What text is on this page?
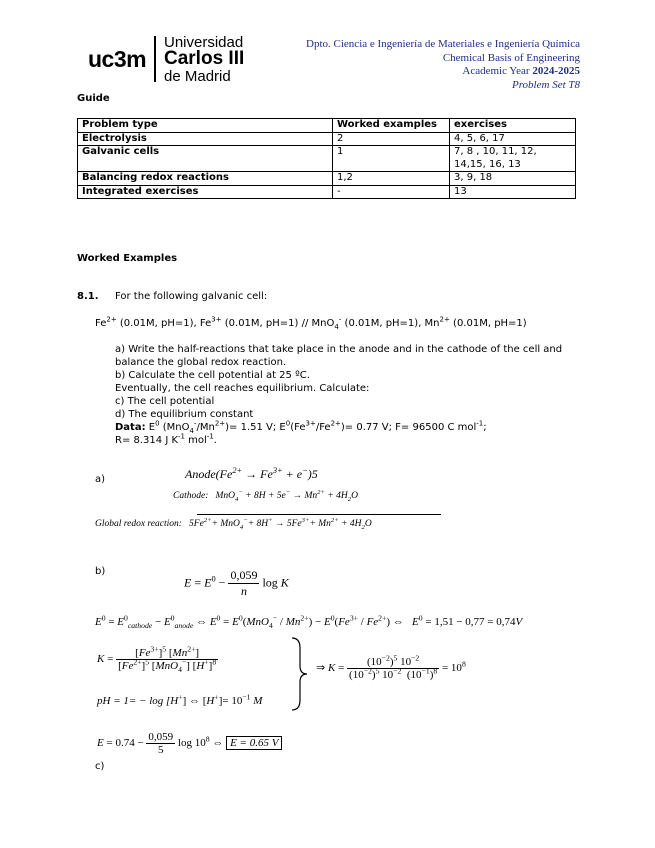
uc3m
Universidad
Carlos III
de Madrid
Dpto. Ciencia e Ingeniería de Materiales e Ingeniería Química
Chemical Basis of Engineering
Academic Year 2024-2025
Problem Set T8
Guide
Problem type	Worked examples	exercises
Electrolysis	2	4, 5, 6, 17
Galvanic cells	1	7, 8 , 10, 11, 12, 14,15, 16, 13
Balancing redox reactions	1,2	3, 9, 18
Integrated exercises	-	13
Worked Examples
8.1. For the following galvanic cell:
$Fe^{2+}$ (0.01M, pH=1), $Fe^{3+}$ (0.01M, pH=1) // MnO$_4$- (0.01M, pH=1), $Mn^{2+}$ (0.01M, pH=1)
a) Write the half-reactions that take place in the anode and in the cathode of the cell and balance the global redox reaction.
b) Calculate the cell potential at 25 ºC.
Eventually, the cell reaches equilibrium. Calculate:
c) The cell potential
d) The equilibrium constant
Data: $E^0$ $(MnO_4^-/Mn^{2+})= 1.51$ V; $E^0(Fe^{3+}/Fe^{2+})= 0.77$ V; F= 96500 C mol$^{-1}$;
R= 8.314 J $K^{-1}$ mol$^{-1}$.
a)	$Anode(Fe^{2+} \to Fe^{3+} + e^-)5$
Cathode: $MnO_4^- + 8H + 5e^- \to Mn^{2+} + 4H_2O$
Global redox reaction:   $5Fe^{2+}+ MnO_4^-+ 8H^+ \to 5Fe^{3+}+ Mn^{2+} + 4H_2O$
b)
$E = E^0 - \frac{0,059}{n}$ log K
$E^0 = E^0_{cathode} - E^0_{anode}$ ⇔ $E^0 = E^0(MnO_4^- / Mn^{2+}) - E^0(Fe^{3+} / Fe^{2+})$ ⇔   $E^0 = 1,51 - 0,77 = 0,74V$
$K = \frac{[Fe^{3+}]^5 [Mn^{2+}]}{[Fe^{2+}]^5 [MnO_4^-] [H^+]^8}$
pH = 1= − log [H+] ⇔ $[H^+]= 10^{-1}$ M
⇒ $K = \frac{(10^{-2})^5 10^{-2}}{(10^{-2})^5 10^{-2} (10^{-1})^8} = 10^8$
$E = 0.74 - \frac{0,059}{5}$ $\log 10^8$ ⇔ E = 0.65 V
c)
